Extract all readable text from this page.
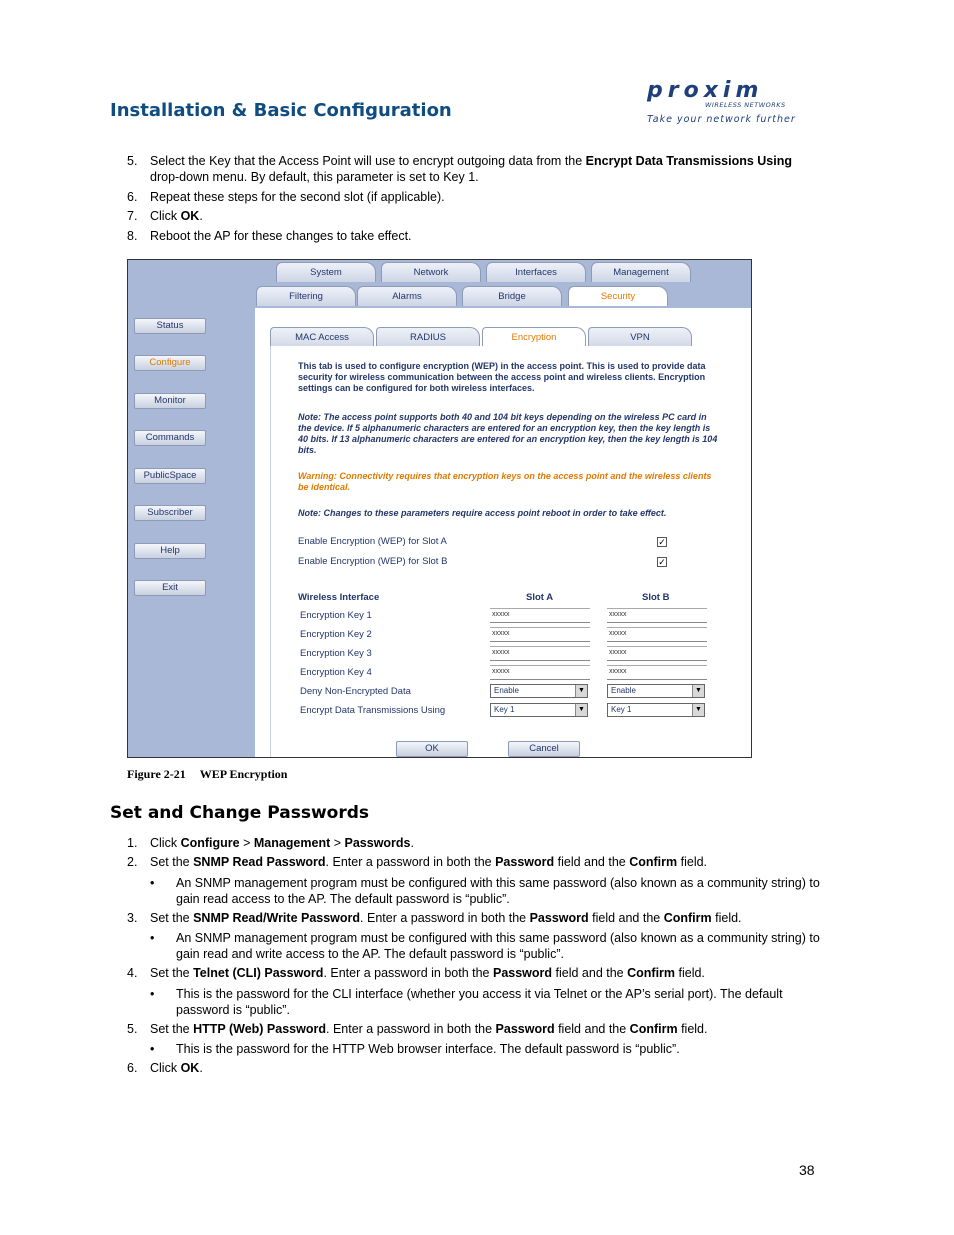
Installation & Basic Configuration
proxim
WIRELESS NETWORKS
Take your network further
5. Select the Key that the Access Point will use to encrypt outgoing data from the Encrypt Data Transmissions Using drop-down menu. By default, this parameter is set to Key 1.
6. Repeat these steps for the second slot (if applicable).
7. Click OK.
8. Reboot the AP for these changes to take effect.
Status
Configure
Monitor
Commands
PublicSpace
Subscriber
Help
Exit
System	Network	Interfaces	Management
Filtering	Alarms	Bridge	Security
MAC Access	RADIUS	Encryption	VPN
This tab is used to configure encryption (WEP) in the access point. This is used to provide data security for wireless communication between the access point and wireless clients. Encryption settings can be configured for both wireless interfaces.
Note: The access point supports both 40 and 104 bit keys depending on the wireless PC card in the device. If 5 alphanumeric characters are entered for an encryption key, then the key length is 40 bits. If 13 alphanumeric characters are entered for an encryption key, then the key length is 104 bits.
Warning: Connectivity requires that encryption keys on the access point and the wireless clients be identical.
Note: Changes to these parameters require access point reboot in order to take effect.
Enable Encryption (WEP) for Slot A	✓
Enable Encryption (WEP) for Slot B	✓
Wireless Interface	Slot A	Slot B
Encryption Key 1	xxxxx	xxxxx
Encryption Key 2	xxxxx	xxxxx
Encryption Key 3	xxxxx	xxxxx
Encryption Key 4	xxxxx	xxxxx
Deny Non-Encrypted Data	Enable	▼	Enable	▼
Encrypt Data Transmissions Using	Key 1	▼	Key 1	▼
OK	Cancel
Figure 2-21 WEP Encryption
Set and Change Passwords
1. Click Configure > Management > Passwords.
2. Set the SNMP Read Password. Enter a password in both the Password field and the Confirm field.
• An SNMP management program must be configured with this same password (also known as a community string) to gain read access to the AP. The default password is “public”.
3. Set the SNMP Read/Write Password. Enter a password in both the Password field and the Confirm field.
• An SNMP management program must be configured with this same password (also known as a community string) to gain read and write access to the AP. The default password is “public”.
4. Set the Telnet (CLI) Password. Enter a password in both the Password field and the Confirm field.
• This is the password for the CLI interface (whether you access it via Telnet or the AP’s serial port). The default password is “public”.
5. Set the HTTP (Web) Password. Enter a password in both the Password field and the Confirm field.
• This is the password for the HTTP Web browser interface. The default password is “public”.
6. Click OK.
38
